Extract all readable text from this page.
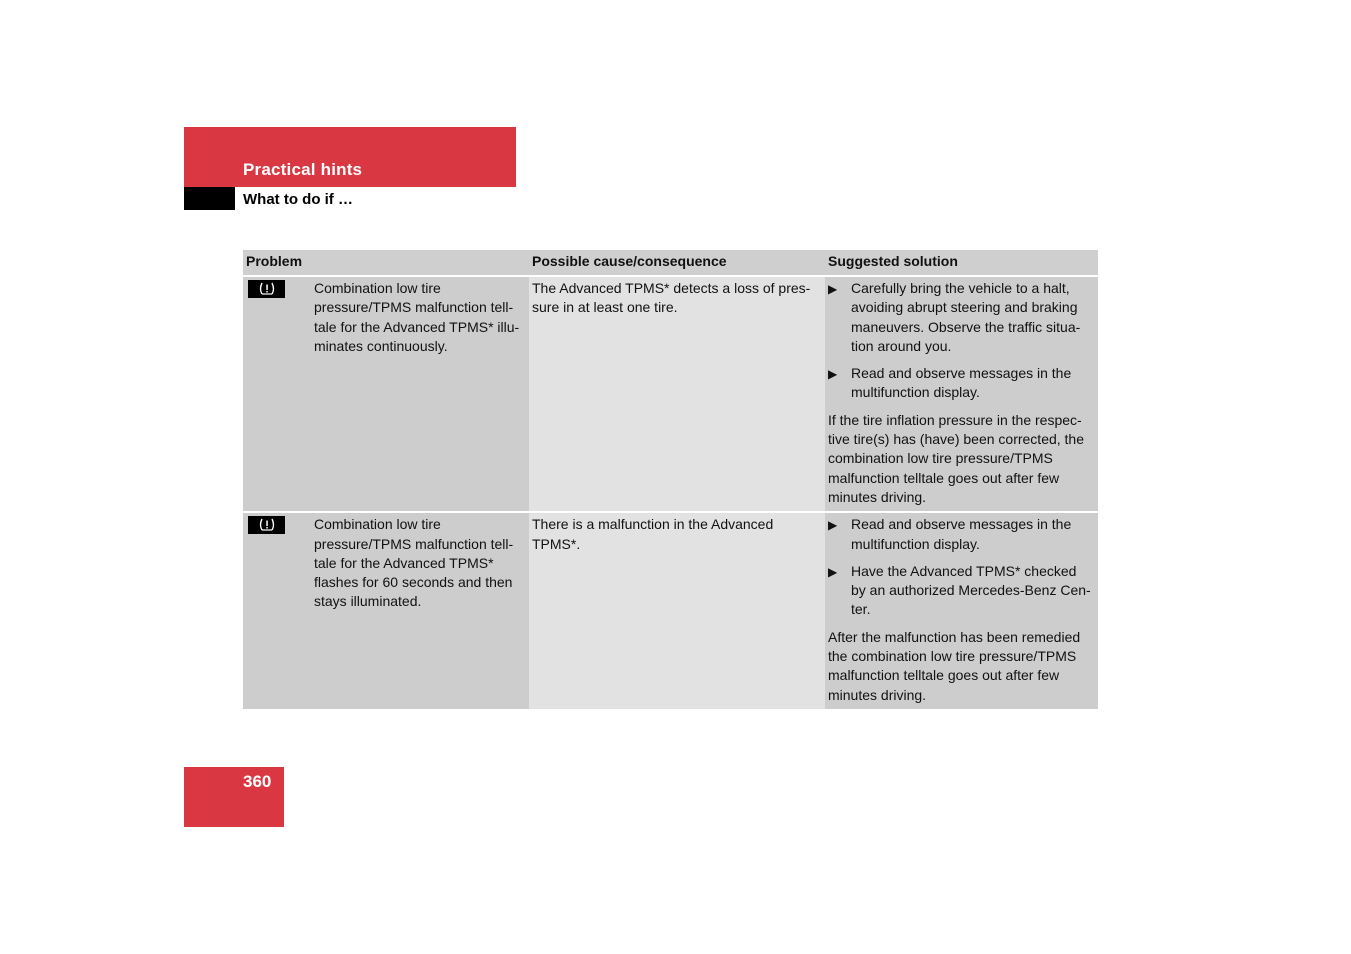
Practical hints
What to do if …
Problem	Possible cause/consequence	Suggested solution

Combination low tire pressure/TPMS malfunction tell-tale for the Advanced TPMS* illu-minates continuously.	The Advanced TPMS* detects a loss of pres-sure in at least one tire.	▶ Carefully bring the vehicle to a halt, avoiding abrupt steering and braking maneuvers. Observe the traffic situa-tion around you.
▶ Read and observe messages in the multifunction display.
If the tire inflation pressure in the respec-tive tire(s) has (have) been corrected, the combination low tire pressure/TPMS malfunction telltale goes out after few minutes driving.

Combination low tire pressure/TPMS malfunction tell-tale for the Advanced TPMS* flashes for 60 seconds and then stays illuminated.	There is a malfunction in the Advanced TPMS*.	▶ Read and observe messages in the multifunction display.
▶ Have the Advanced TPMS* checked by an authorized Mercedes-Benz Cen-ter.
After the malfunction has been remedied the combination low tire pressure/TPMS malfunction telltale goes out after few minutes driving.
360
